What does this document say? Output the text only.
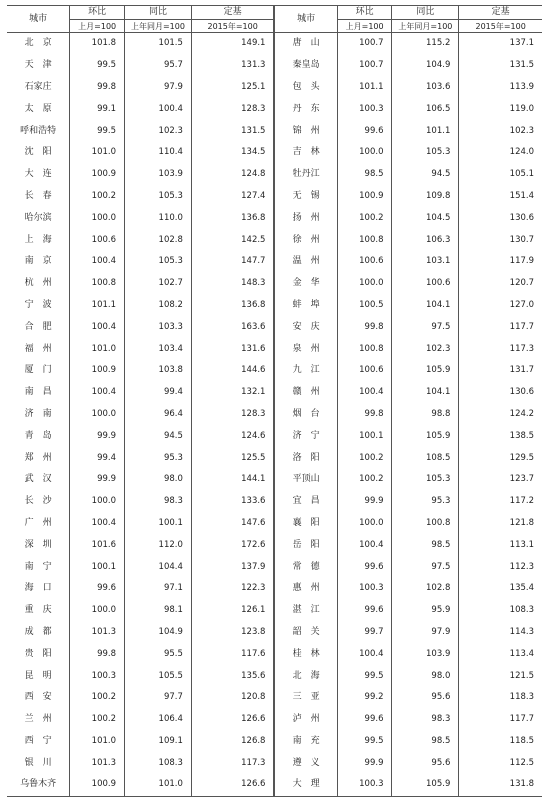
城市	环比	同比	定基	城市	环比	同比	定基
	上月=100	上年同月=100	2015年=100		上月=100	上年同月=100	2015年=100
北　京	101.8	101.5	149.1	唐　山	100.7	115.2	137.1
天　津	99.5	95.7	131.3	秦皇岛	100.7	104.9	131.5
石家庄	99.8	97.9	125.1	包　头	101.1	103.6	113.9
太　原	99.1	100.4	128.3	丹　东	100.3	106.5	119.0
呼和浩特	99.5	102.3	131.5	锦　州	99.6	101.1	102.3
沈　阳	101.0	110.4	134.5	吉　林	100.0	105.3	124.0
大　连	100.9	103.9	124.8	牡丹江	98.5	94.5	105.1
长　春	100.2	105.3	127.4	无　锡	100.9	109.8	151.4
哈尔滨	100.0	110.0	136.8	扬　州	100.2	104.5	130.6
上　海	100.6	102.8	142.5	徐　州	100.8	106.3	130.7
南　京	100.4	105.3	147.7	温　州	100.6	103.1	117.9
杭　州	100.8	102.7	148.3	金　华	100.0	100.6	120.7
宁　波	101.1	108.2	136.8	蚌　埠	100.5	104.1	127.0
合　肥	100.4	103.3	163.6	安　庆	99.8	97.5	117.7
福　州	101.0	103.4	131.6	泉　州	100.8	102.3	117.3
厦　门	100.9	103.8	144.6	九　江	100.6	105.9	131.7
南　昌	100.4	99.4	132.1	赣　州	100.4	104.1	130.6
济　南	100.0	96.4	128.3	烟　台	99.8	98.8	124.2
青　岛	99.9	94.5	124.6	济　宁	100.1	105.9	138.5
郑　州	99.4	95.3	125.5	洛　阳	100.2	108.5	129.5
武　汉	99.9	98.0	144.1	平顶山	100.2	105.3	123.7
长　沙	100.0	98.3	133.6	宜　昌	99.9	95.3	117.2
广　州	100.4	100.1	147.6	襄　阳	100.0	100.8	121.8
深　圳	101.6	112.0	172.6	岳　阳	100.4	98.5	113.1
南　宁	100.1	104.4	137.9	常　德	99.6	97.5	112.3
海　口	99.6	97.1	122.3	惠　州	100.3	102.8	135.4
重　庆	100.0	98.1	126.1	湛　江	99.6	95.9	108.3
成　都	101.3	104.9	123.8	韶　关	99.7	97.9	114.3
贵　阳	99.8	95.5	117.6	桂　林	100.4	103.9	113.4
昆　明	100.3	105.5	135.6	北　海	99.5	98.0	121.5
西　安	100.2	97.7	120.8	三　亚	99.2	95.6	118.3
兰　州	100.2	106.4	126.6	泸　州	99.6	98.3	117.7
西　宁	101.0	109.1	126.8	南　充	99.5	98.5	118.5
银　川	101.3	108.3	117.3	遵　义	99.9	95.6	112.5
乌鲁木齐	100.9	101.0	126.6	大　理	100.3	105.9	131.8
